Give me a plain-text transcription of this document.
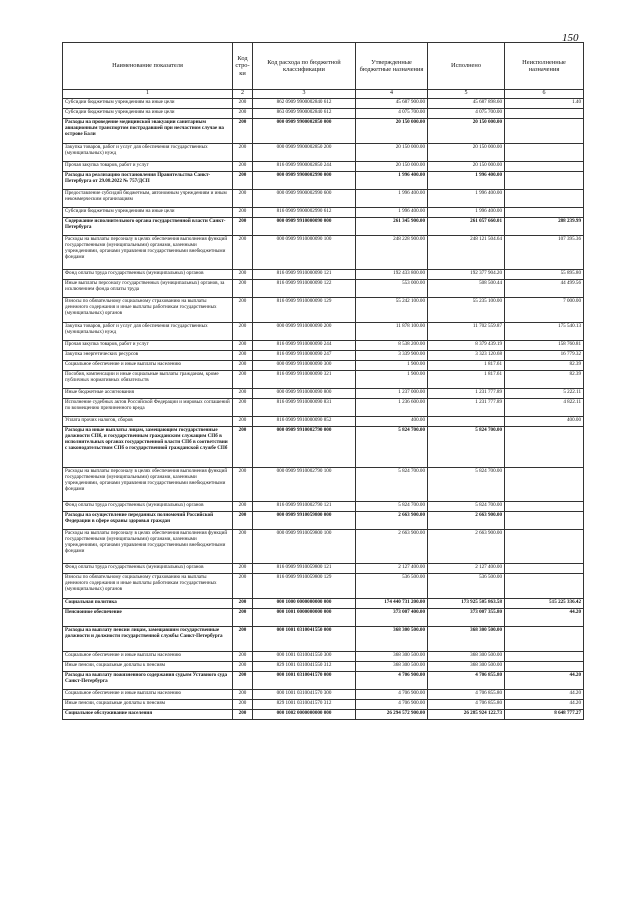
150
Наименование показателя	Код стро-ки	Код расхода по бюджетной классификации	Утвержденные бюджетные назначения	Исполнено	Неисполненные назначения
1	2	3	4	5	6
Субсидии бюджетным учреждениям на иные цели	200	862 0909 9900002840 612	45 687 900.00	45 687 898.60	1.40
Субсидии бюджетным учреждениям на иные цели	200	863 0909 9900002840 612	4 075 700.00	4 075 700.00	
Расходы на проведение медицинской эвакуации санитарным авиационным транспортом пострадавшей при несчастном случае на острове Бали	200	000 0909 9900002850 000	20 150 000.00	20 150 000.00	
Закупка товаров, работ и услуг для обеспечения государственных (муниципальных) нужд	200	000 0909 9900002850 200	20 150 000.00	20 150 000.00	
Прочая закупка товаров, работ и услуг	200	816 0909 9900002850 244	20 150 000.00	20 150 000.00	
Расходы на реализацию постановления Правительства Санкт-Петербурга от 29.08.2022 № 757/ДСП	200	000 0909 9900002990 000	1 996 400.00	1 996 400.00	
Предоставление субсидий бюджетным, автономным учреждениям и иным некоммерческим организациям	200	000 0909 9900002990 600	1 996 400.00	1 996 400.00	
Субсидии бюджетным учреждениям на иные цели	200	816 0909 9900002990 612	1 996 400.00	1 996 400.00	
Содержание исполнительного органа государственной власти Санкт-Петербурга	200	000 0909 9910000090 000	261 345 900.00	261 057 660.01	288 239.99
Расходы на выплаты персоналу в целях обеспечения выполнения функций государственными (муниципальными) органами, казенными учреждениями, органами управления государственными внебюджетными фондами	200	000 0909 9910000090 100	248 228 900.00	248 121 504.64	107 395.36
Фонд оплаты труда государственных (муниципальных) органов	200	816 0909 9910000090 121	192 433 800.00	192 377 904.20	55 895.80
Иные выплаты персоналу государственных (муниципальных) органов, за исключением фонда оплаты труда	200	816 0909 9910000090 122	553 000.00	508 500.44	44 499.56
Взносы по обязательному социальному страхованию на выплаты денежного содержания и иные выплаты работникам государственных (муниципальных) органов	200	816 0909 9910000090 129	55 242 100.00	55 235 100.00	7 000.00
Закупка товаров, работ и услуг для обеспечения государственных (муниципальных) нужд	200	000 0909 9910000090 200	11 878 100.00	11 702 559.87	175 540.13
Прочая закупка товаров, работ и услуг	200	816 0909 9910000090 244	8 538 200.00	8 379 439.19	158 760.81
Закупка энергетических ресурсов	200	816 0909 9910000090 247	3 339 900.00	3 323 120.68	16 779.32
Социальное обеспечение и иные выплаты населению	200	000 0909 9910000090 300	1 900.00	1 817.61	82.39
Пособия, компенсации и иные социальные выплаты гражданам, кроме публичных нормативных обязательств	200	816 0909 9910000090 321	1 900.00	1 817.61	82.39
Иные бюджетные ассигнования	200	000 0909 9910000090 800	1 237 000.00	1 231 777.89	5 222.11
Исполнение судебных актов Российской Федерации и мировых соглашений по возмещению причиненного вреда	200	816 0909 9910000090 831	1 236 600.00	1 231 777.89	4 822.11
Уплата прочих налогов, сборов	200	816 0909 9910000090 852	400.00		400.00
Расходы на иные выплаты лицам, замещающим государственные должности СПб, и государственным гражданским служащим СПб в исполнительных органах государственной власти СПб в соответствии с законодательством СПб о государственной гражданской службе СПб	200	000 0909 9910002790 000	5 824 700.00	5 824 700.00	
Расходы на выплаты персоналу в целях обеспечения выполнения функций государственными (муниципальными) органами, казенными учреждениями, органами управления государственными внебюджетными фондами	200	000 0909 9910002790 100	5 824 700.00	5 824 700.00	
Фонд оплаты труда государственных (муниципальных) органов	200	816 0909 9910002790 121	5 824 700.00	5 824 700.00	
Расходы на осуществление переданных полномочий Российской Федерации в сфере охраны здоровья граждан	200	000 0909 9910059800 000	2 663 900.00	2 663 900.00	
Расходы на выплаты персоналу в целях обеспечения выполнения функций государственными (муниципальными) органами, казенными учреждениями, органами управления государственными внебюджетными фондами	200	000 0909 9910059800 100	2 663 900.00	2 663 900.00	
Фонд оплаты труда государственных (муниципальных) органов	200	816 0909 9910059800 121	2 127 400.00	2 127 400.00	
Взносы по обязательному социальному страхованию на выплаты денежного содержания и иные выплаты работникам государственных (муниципальных) органов	200	816 0909 9910059800 129	536 500.00	536 500.00	
Социальная политика	200	000 1000 0000000000 000	174 440 731 200.00	173 925 505 863.58	515 225 336.42
Пенсионное обеспечение	200	000 1001 0000000000 000	373 007 400.00	373 007 355.80	44.20
Расходы на выплату пенсии лицам, замещавшим государственные должности и должности государственной службы Санкт-Петербурга	200	000 1001 0310041550 000	368 300 500.00	368 300 500.00	
Социальное обеспечение и иные выплаты населению	200	000 1001 0310041550 300	368 300 500.00	368 300 500.00	
Иные пенсии, социальные доплаты к пенсиям	200	829 1001 0310041550 312	368 300 500.00	368 300 500.00	
Расходы на выплату пожизненного содержания судьям Уставного суда Санкт-Петербурга	200	000 1001 0310041570 000	4 706 900.00	4 706 855.80	44.20
Социальное обеспечение и иные выплаты населению	200	000 1001 0310041570 300	4 706 900.00	4 706 855.80	44.20
Иные пенсии, социальные доплаты к пенсиям	200	829 1001 0310041570 312	4 706 900.00	4 706 855.80	44.20
Социальное обслуживание населения	200	000 1002 0000000000 000	26 294 572 900.00	26 285 924 122.73	8 648 777.27
